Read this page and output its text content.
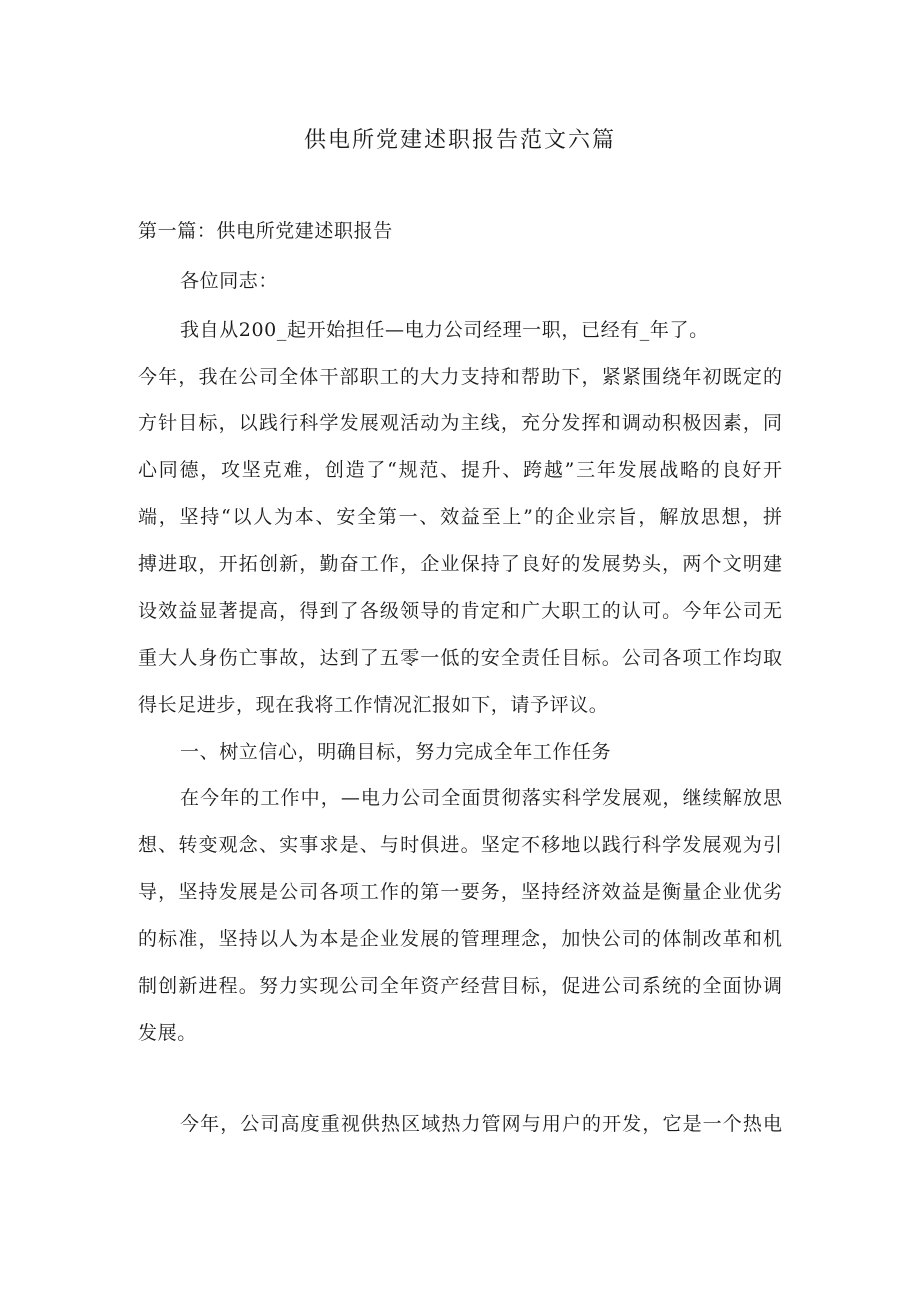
供电所党建述职报告范文六篇
第一篇：供电所党建述职报告
各位同志：
我自从200_起开始担任—电力公司经理一职，已经有_年了。
今年，我在公司全体干部职工的大力支持和帮助下，紧紧围绕年初既定的
方针目标，以践行科学发展观活动为主线，充分发挥和调动积极因素，同
心同德，攻坚克难，创造了“规范、提升、跨越”三年发展战略的良好开
端，坚持“以人为本、安全第一、效益至上”的企业宗旨，解放思想，拼
搏进取，开拓创新，勤奋工作，企业保持了良好的发展势头，两个文明建
设效益显著提高，得到了各级领导的肯定和广大职工的认可。今年公司无
重大人身伤亡事故，达到了五零一低的安全责任目标。公司各项工作均取
得长足进步，现在我将工作情况汇报如下，请予评议。
一、树立信心，明确目标，努力完成全年工作任务
在今年的工作中，—电力公司全面贯彻落实科学发展观，继续解放思
想、转变观念、实事求是、与时俱进。坚定不移地以践行科学发展观为引
导，坚持发展是公司各项工作的第一要务，坚持经济效益是衡量企业优劣
的标准，坚持以人为本是企业发展的管理理念，加快公司的体制改革和机
制创新进程。努力实现公司全年资产经营目标，促进公司系统的全面协调
发展。
今年，公司高度重视供热区域热力管网与用户的开发，它是一个热电
